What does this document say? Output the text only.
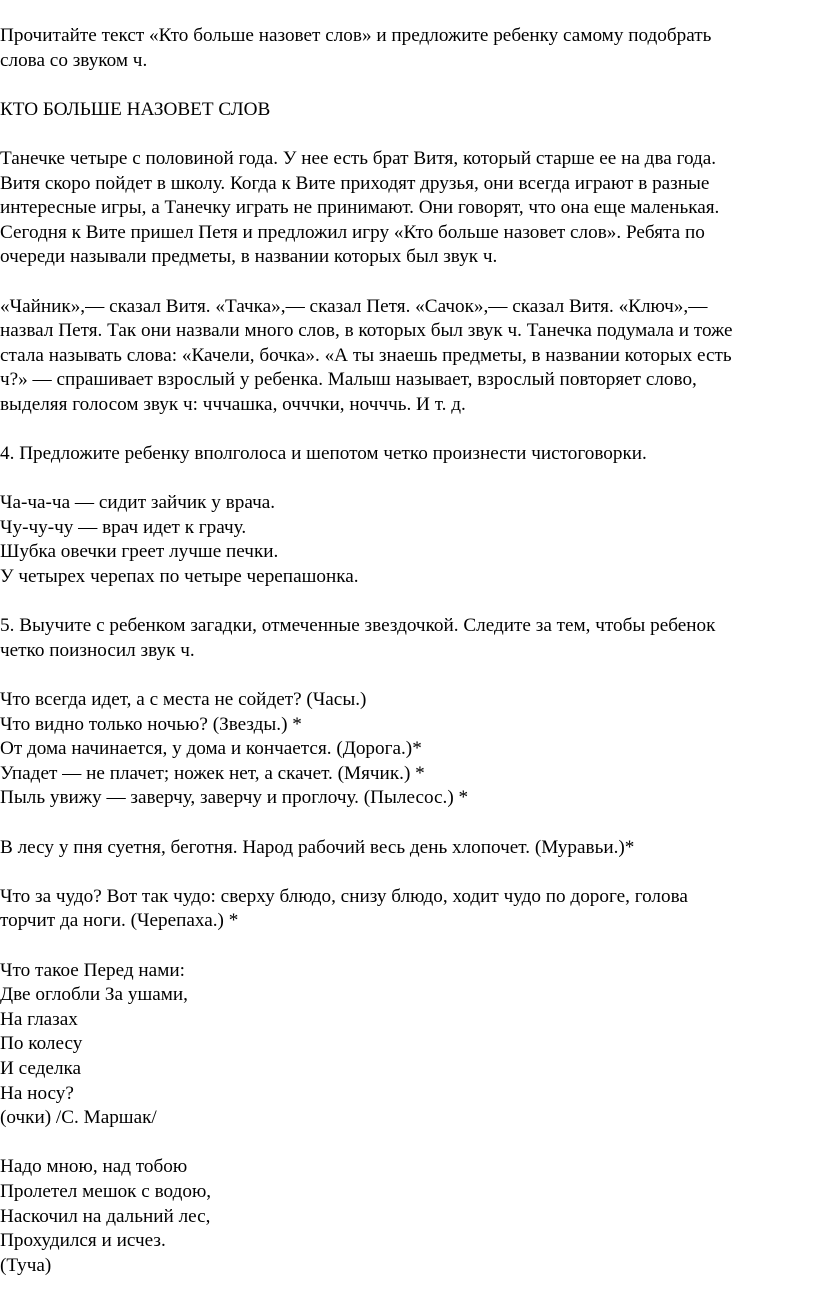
Прочитайте текст «Кто больше назовет слов» и предложите ребенку самому подобрать
слова со звуком ч.

КТО БОЛЬШЕ НАЗОВЕТ СЛОВ

Танечке четыре с половиной года. У нее есть брат Витя, который старше ее на два года.
Витя скоро пойдет в школу. Когда к Вите приходят друзья, они всегда играют в разные
интересные игры, а Танечку играть не принимают. Они говорят, что она еще маленькая.
Сегодня к Вите пришел Петя и предложил игру «Кто больше назовет слов». Ребята по
очереди называли предметы, в названии которых был звук ч.

«Чайник»,— сказал Витя. «Тачка»,— сказал Петя. «Сачок»,— сказал Витя. «Ключ»,—
назвал Петя. Так они назвали много слов, в которых был звук ч. Танечка подумала и тоже
стала называть слова: «Качели, бочка». «А ты знаешь предметы, в названии которых есть
ч?» — спрашивает взрослый у ребенка. Малыш называет, взрослый повторяет слово,
выделяя голосом звук ч: чччашка, очччки, ночччь. И т. д.

4. Предложите ребенку вполголоса и шепотом четко произнести чистоговорки.

Ча-ча-ча — сидит зайчик у врача.
Чу-чу-чу — врач идет к грачу.
Шубка овечки греет лучше печки.
У четырех черепах по четыре черепашонка.

5. Выучите с ребенком загадки, отмеченные звездочкой. Следите за тем, чтобы ребенок
четко поизносил звук ч.

Что всегда идет, а с места не сойдет? (Часы.)
Что видно только ночью? (Звезды.) *
От дома начинается, у дома и кончается. (Дорога.)*
Упадет — не плачет; ножек нет, а скачет. (Мячик.) *
Пыль увижу — заверчу, заверчу и проглочу. (Пылесос.) *

В лесу у пня суетня, беготня. Народ рабочий весь день хлопочет. (Муравьи.)*

Что за чудо? Вот так чудо: сверху блюдо, снизу блюдо, ходит чудо по дороге, голова
торчит да ноги. (Черепаха.) *

Что такое Перед нами:
Две оглобли За ушами,
На глазах
По колесу
И седелка
На носу?
(очки) /С. Маршак/

Надо мною, над тобою
Пролетел мешок с водою,
Наскочил на дальний лес,
Прохудился и исчез.
(Туча)
